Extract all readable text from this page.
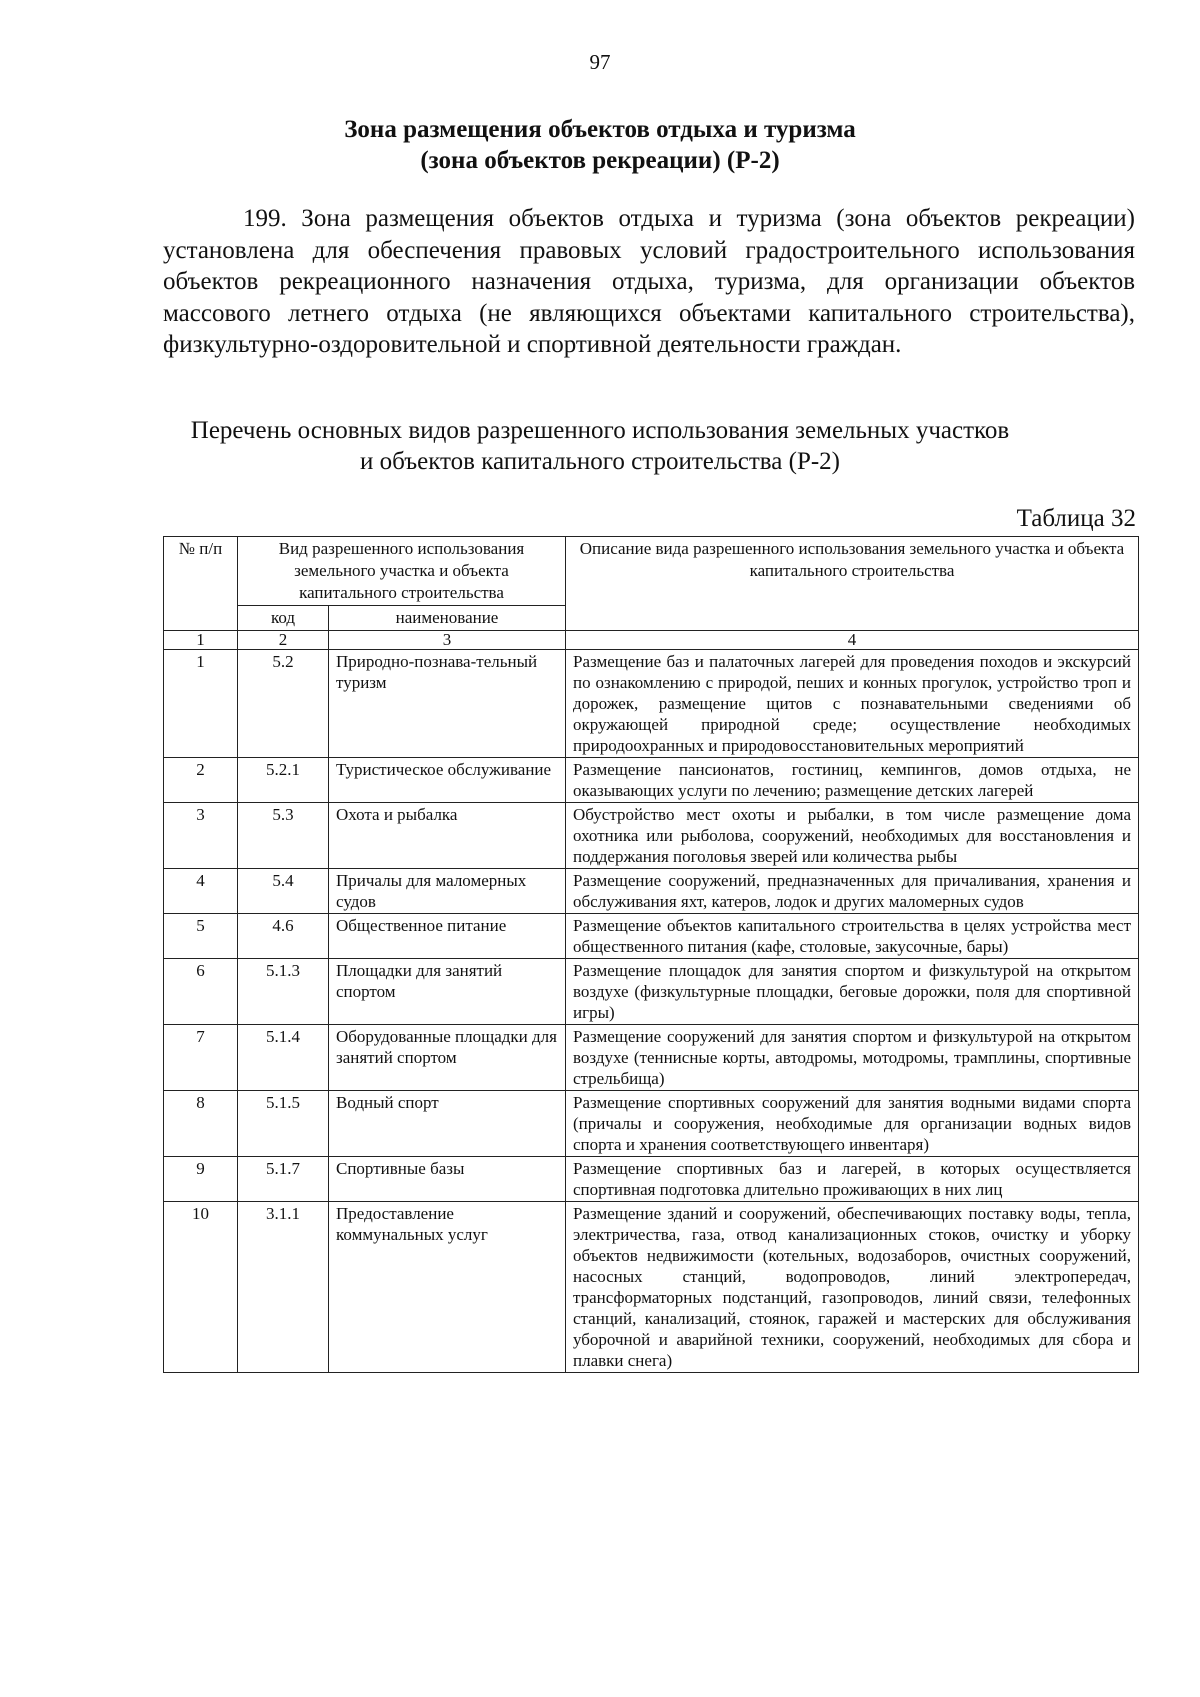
97
Зона размещения объектов отдыха и туризма
(зона объектов рекреации) (Р-2)

199. Зона размещения объектов отдыха и туризма (зона объектов рекреации) установлена для обеспечения правовых условий градостроительного использования объектов рекреационного назначения отдыха, туризма, для организации объектов массового летнего отдыха (не являющихся объектами капитального строительства), физкультурно-оздоровительной и спортивной деятельности граждан.

Перечень основных видов разрешенного использования земельных участков
и объектов капитального строительства (Р-2)
Таблица 32
№ п/п	Вид разрешенного использования земельного участка и объекта капитального строительства		Описание вида разрешенного использования земельного участка и объекта капитального строительства
	код	наименование	
1	2	3	4
1	5.2	Природно-познава-тельный туризм	Размещение баз и палаточных лагерей для проведения походов и экскурсий по ознакомлению с природой, пеших и конных прогулок, устройство троп и дорожек, размещение щитов с познавательными сведениями об окружающей природной среде; осуществление необходимых природоохранных и природовосстановительных мероприятий
2	5.2.1	Туристическое обслуживание	Размещение пансионатов, гостиниц, кемпингов, домов отдыха, не оказывающих услуги по лечению; размещение детских лагерей
3	5.3	Охота и рыбалка	Обустройство мест охоты и рыбалки, в том числе размещение дома охотника или рыболова, сооружений, необходимых для восстановления и поддержания поголовья зверей или количества рыбы
4	5.4	Причалы для маломерных судов	Размещение сооружений, предназначенных для причаливания, хранения и обслуживания яхт, катеров, лодок и других маломерных судов
5	4.6	Общественное питание	Размещение объектов капитального строительства в целях устройства мест общественного питания (кафе, столовые, закусочные, бары)
6	5.1.3	Площадки для занятий спортом	Размещение площадок для занятия спортом и физкультурой на открытом воздухе (физкультурные площадки, беговые дорожки, поля для спортивной игры)
7	5.1.4	Оборудованные площадки для занятий спортом	Размещение сооружений для занятия спортом и физкультурой на открытом воздухе (теннисные корты, автодромы, мотодромы, трамплины, спортивные стрельбища)
8	5.1.5	Водный спорт	Размещение спортивных сооружений для занятия водными видами спорта (причалы и сооружения, необходимые для организации водных видов спорта и хранения соответствующего инвентаря)
9	5.1.7	Спортивные базы	Размещение спортивных баз и лагерей, в которых осуществляется спортивная подготовка длительно проживающих в них лиц
10	3.1.1	Предоставление коммунальных услуг	Размещение зданий и сооружений, обеспечивающих поставку воды, тепла, электричества, газа, отвод канализационных стоков, очистку и уборку объектов недвижимости (котельных, водозаборов, очистных сооружений, насосных станций, водопроводов, линий электропередач, трансформаторных подстанций, газопроводов, линий связи, телефонных станций, канализаций, стоянок, гаражей и мастерских для обслуживания уборочной и аварийной техники, сооружений, необходимых для сбора и плавки снега)
